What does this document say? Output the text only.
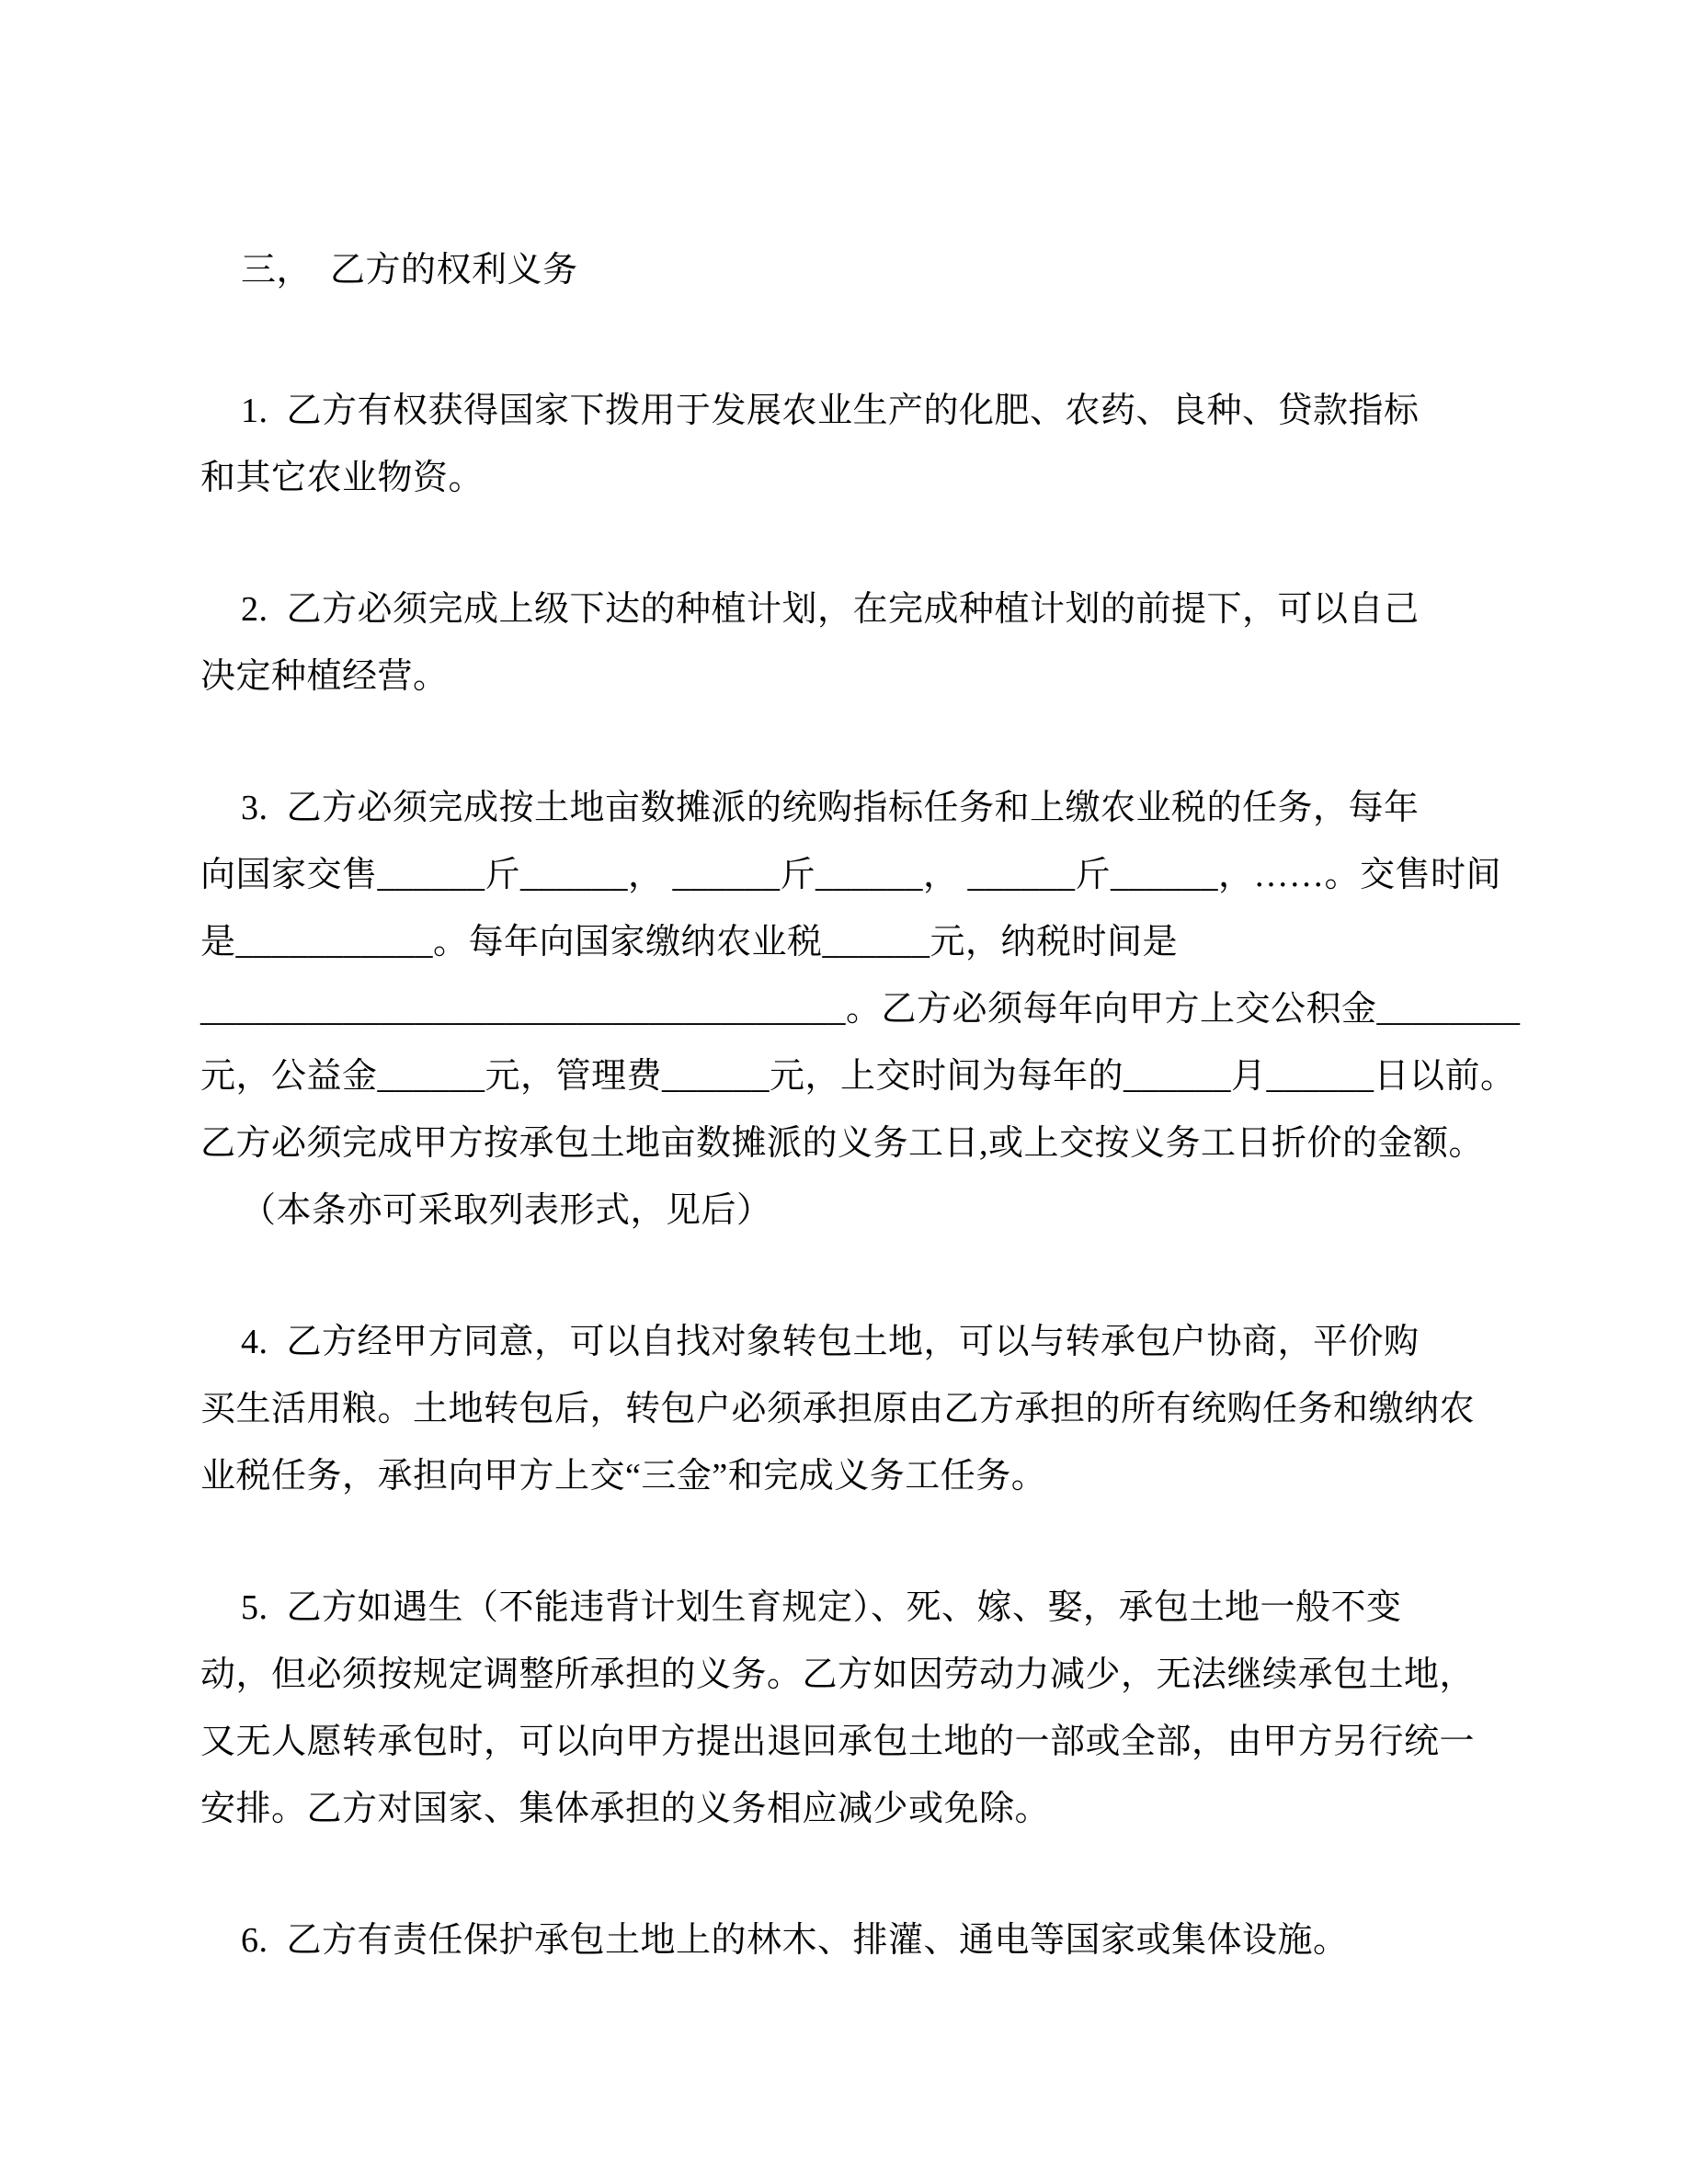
三，  乙方的权利义务
1.  乙方有权获得国家下拨用于发展农业生产的化肥、农药、良种、贷款指标
和其它农业物资。
2.  乙方必须完成上级下达的种植计划，在完成种植计划的前提下，可以自己
决定种植经营。
3.  乙方必须完成按土地亩数摊派的统购指标任务和上缴农业税的任务，每年
向国家交售______斤______， ______斤______， ______斤______，……。交售时间
是___________。每年向国家缴纳农业税______元，纳税时间是
____________________________________。乙方必须每年向甲方上交公积金________
元，公益金______元，管理费______元，上交时间为每年的______月______日以前。
乙方必须完成甲方按承包土地亩数摊派的义务工日,或上交按义务工日折价的金额。
（本条亦可采取列表形式，见后）
4.  乙方经甲方同意，可以自找对象转包土地，可以与转承包户协商，平价购
买生活用粮。土地转包后，转包户必须承担原由乙方承担的所有统购任务和缴纳农
业税任务，承担向甲方上交“三金”和完成义务工任务。
5.  乙方如遇生（不能违背计划生育规定）、死、嫁、娶，承包土地一般不变
动，但必须按规定调整所承担的义务。乙方如因劳动力减少，无法继续承包土地，
又无人愿转承包时，可以向甲方提出退回承包土地的一部或全部，由甲方另行统一
安排。乙方对国家、集体承担的义务相应减少或免除。
6.  乙方有责任保护承包土地上的林木、排灌、通电等国家或集体设施。
